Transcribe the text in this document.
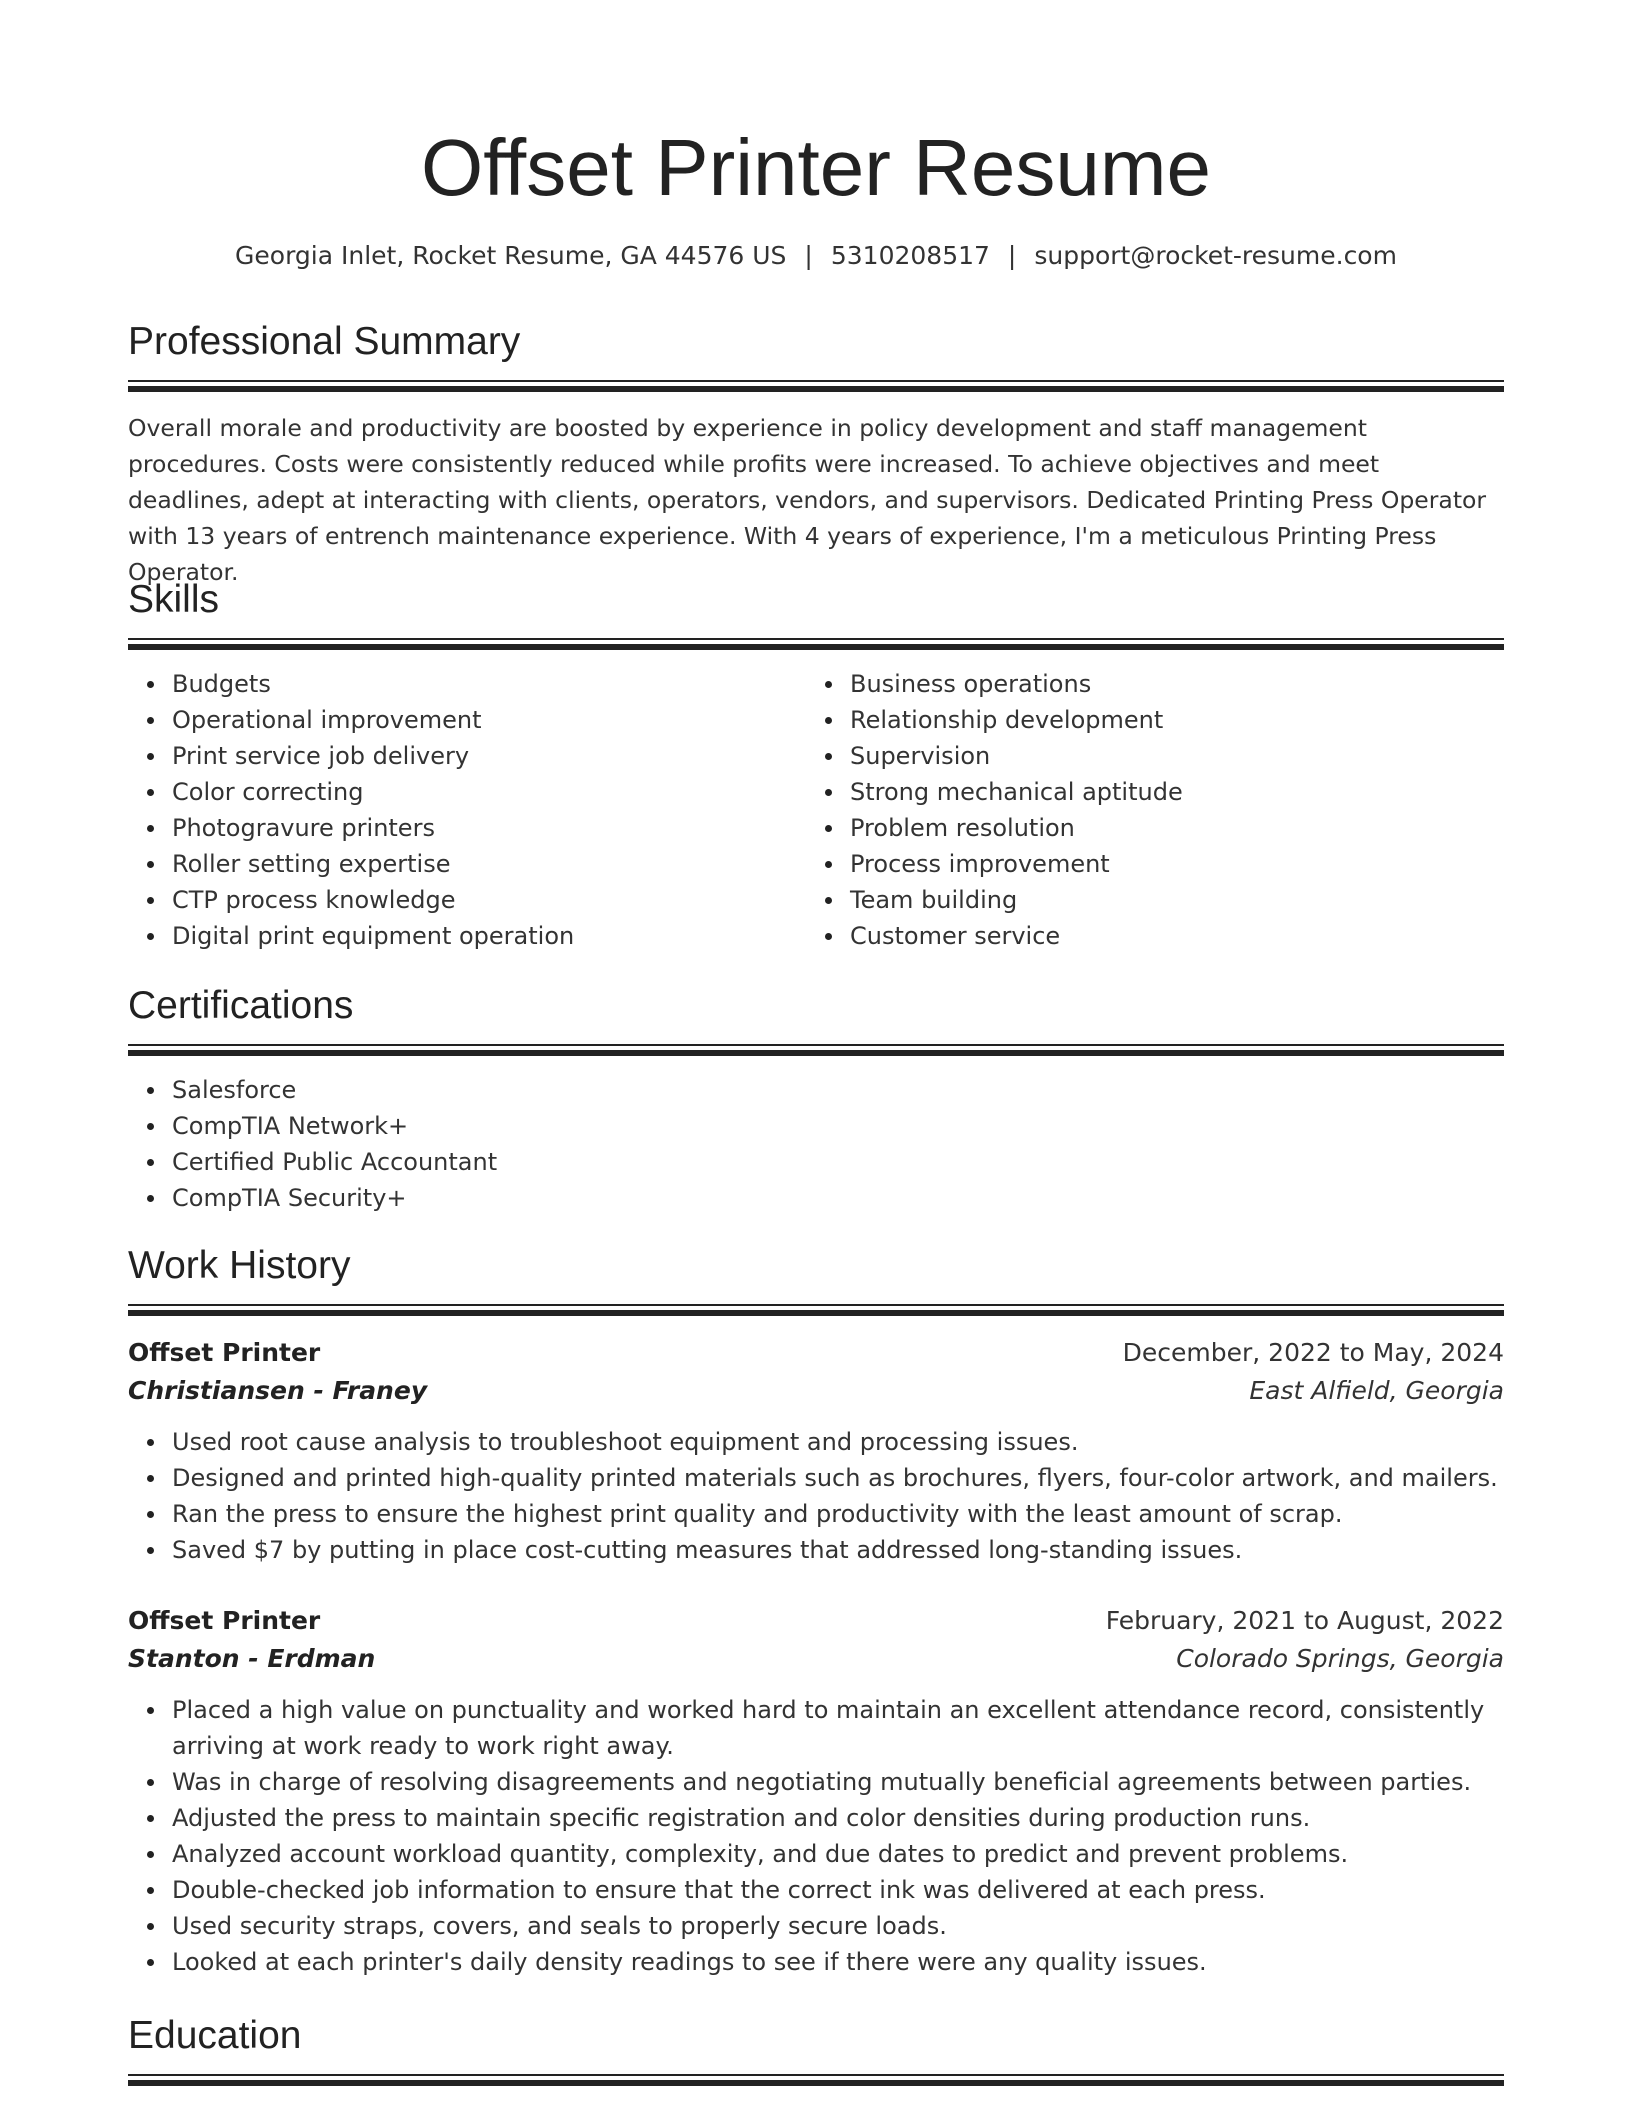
Offset Printer Resume
Georgia Inlet, Rocket Resume, GA 44576 US | 5310208517 | support@rocket-resume.com
Professional Summary

Overall morale and productivity are boosted by experience in policy development and staff management procedures. Costs were consistently reduced while profits were increased. To achieve objectives and meet deadlines, adept at interacting with clients, operators, vendors, and supervisors. Dedicated Printing Press Operator with 13 years of entrench maintenance experience. With 4 years of experience, I'm a meticulous Printing Press Operator.

Skills
Budgets
Operational improvement
Print service job delivery
Color correcting
Photogravure printers
Roller setting expertise
CTP process knowledge
Digital print equipment operation
Business operations
Relationship development
Supervision
Strong mechanical aptitude
Problem resolution
Process improvement
Team building
Customer service
Certifications
Salesforce
CompTIA Network+
Certified Public Accountant
CompTIA Security+
Work History
Offset Printer	December, 2022 to May, 2024
Christiansen - Franey	East Alfield, Georgia
Used root cause analysis to troubleshoot equipment and processing issues.
Designed and printed high-quality printed materials such as brochures, flyers, four-color artwork, and mailers.
Ran the press to ensure the highest print quality and productivity with the least amount of scrap.
Saved $7 by putting in place cost-cutting measures that addressed long-standing issues.
Offset Printer	February, 2021 to August, 2022
Stanton - Erdman	Colorado Springs, Georgia
Placed a high value on punctuality and worked hard to maintain an excellent attendance record, consistently arriving at work ready to work right away.
Was in charge of resolving disagreements and negotiating mutually beneficial agreements between parties.
Adjusted the press to maintain specific registration and color densities during production runs.
Analyzed account workload quantity, complexity, and due dates to predict and prevent problems.
Double-checked job information to ensure that the correct ink was delivered at each press.
Used security straps, covers, and seals to properly secure loads.
Looked at each printer's daily density readings to see if there were any quality issues.
Education
